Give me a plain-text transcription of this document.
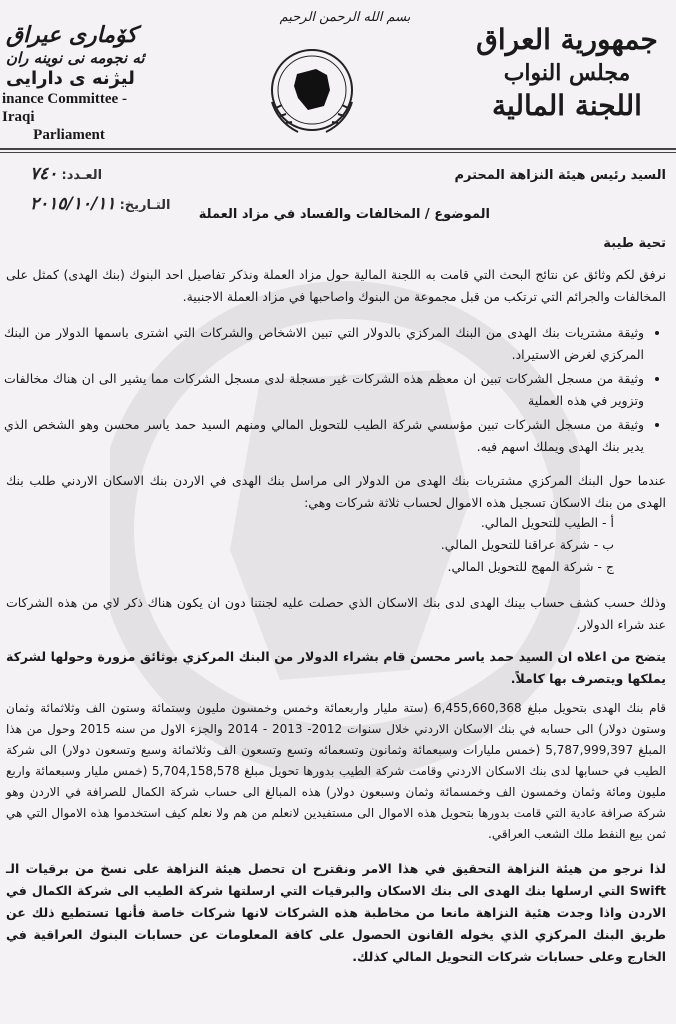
كۆمارى عيراق
ئه نجومه نى نوينه ران
ليژنه ى دارايى
inance Committee - Iraqi
Parliament
بسم الله الرحمن الرحيم
جمهورية العراق
مجلس النواب
اللجنة المالية
السيد رئيس هيئة النزاهة المحترم
العـدد: ٧٤٠
التـاريخ: ٢٠١٥/١٠/١١
الموضوع / المخالفات والفساد في مزاد العملة
تحية طيبة
نرفق لكم وثائق عن نتائج البحث التي قامت به اللجنة المالية حول مزاد العملة ونذكر تفاصيل احد البنوك (بنك الهدى) كمثل على المخالفات والجرائم التي ترتكب من قبل مجموعة من البنوك واصاحبها في مزاد العملة الاجنبية.
• وثيقة مشتريات بنك الهدى من البنك المركزي بالدولار التي تبين الاشخاص والشركات التي اشترى باسمها الدولار من البنك المركزي لغرض الاستيراد.
• وثيقة من مسجل الشركات تبين ان معظم هذه الشركات غير مسجلة لدى مسجل الشركات مما يشير الى ان هناك مخالفات وتزوير في هذه العملية
• وثيقة من مسجل الشركات تبين مؤسسي شركة الطيب للتحويل المالي ومنهم السيد حمد ياسر محسن وهو الشخص الذي يدير بنك الهدى ويملك اسهم فيه.
عندما حول البنك المركزي مشتريات بنك الهدى من الدولار الى مراسل بنك الهدى في الاردن بنك الاسكان الاردني طلب بنك الهدى من بنك الاسكان تسجيل هذه الاموال لحساب ثلاثة شركات وهي:
أ - الطيب للتحويل المالي.
ب - شركة عراقنا للتحويل المالي.
ج - شركة المهج للتحويل المالي.
وذلك حسب كشف حساب بينك الهدى لدى بنك الاسكان الذي حصلت عليه لجنتنا دون ان يكون هناك ذكر لاي من هذه الشركات عند شراء الدولار.
يتضح من اعلاه ان السيد حمد ياسر محسن قام بشراء الدولار من البنك المركزي بوثائق مزورة وحولها لشركة يملكها ويتصرف بها كاملاً.
قام بنك الهدى بتحويل مبلغ 6,455,660,368 (ستة مليار واربعمائة وخمس وخمسون مليون وستمائة وستون الف وثلاثمائة وثمان وستون دولار) الى حسابه في بنك الاسكان الاردني خلال سنوات 2012- 2013 - 2014 والجزء الاول من سنه 2015 وحول من هذا المبلغ 5,787,999,397 (خمس مليارات وسبعمائة وثمانون وتسعمائه وتسع وتسعون الف وثلاثمائة وسبع وتسعون دولار) الى شركة الطيب في حسابها لدى بنك الاسكان الاردني وقامت شركة الطيب بدورها تحويل مبلغ 5,704,158,578 (خمس مليار وسبعمائة واربع مليون ومائة وثمان وخمسون الف وخمسمائة وثمان وسبعون دولار) هذه المبالغ الى حساب شركة الكمال للصرافة في الاردن وهو شركة صرافة عادية التي قامت بدورها بتحويل هذه الاموال الى مستفيدين لانعلم من هم ولا نعلم كيف استخدموا هذه الاموال التي هي ثمن بيع النفط ملك الشعب العراقي.
لذا نرجو من هيئة النزاهة التحقيق في هذا الامر ونقترح ان تحصل هيئة النزاهة على نسخ من برقيات الـ Swift التي ارسلها بنك الهدى الى بنك الاسكان والبرقيات التي ارسلتها شركة الطيب الى شركة الكمال في الاردن واذا وجدت هئية النزاهة مانعا من مخاطبة هذه الشركات لانها شركات خاصة فأنها تستطيع ذلك عن طريق البنك المركزي الذي يخوله القانون الحصول على كافة المعلومات عن حسابات البنوك العراقية في الخارج وعلى حسابات شركات التحويل المالي كذلك.
